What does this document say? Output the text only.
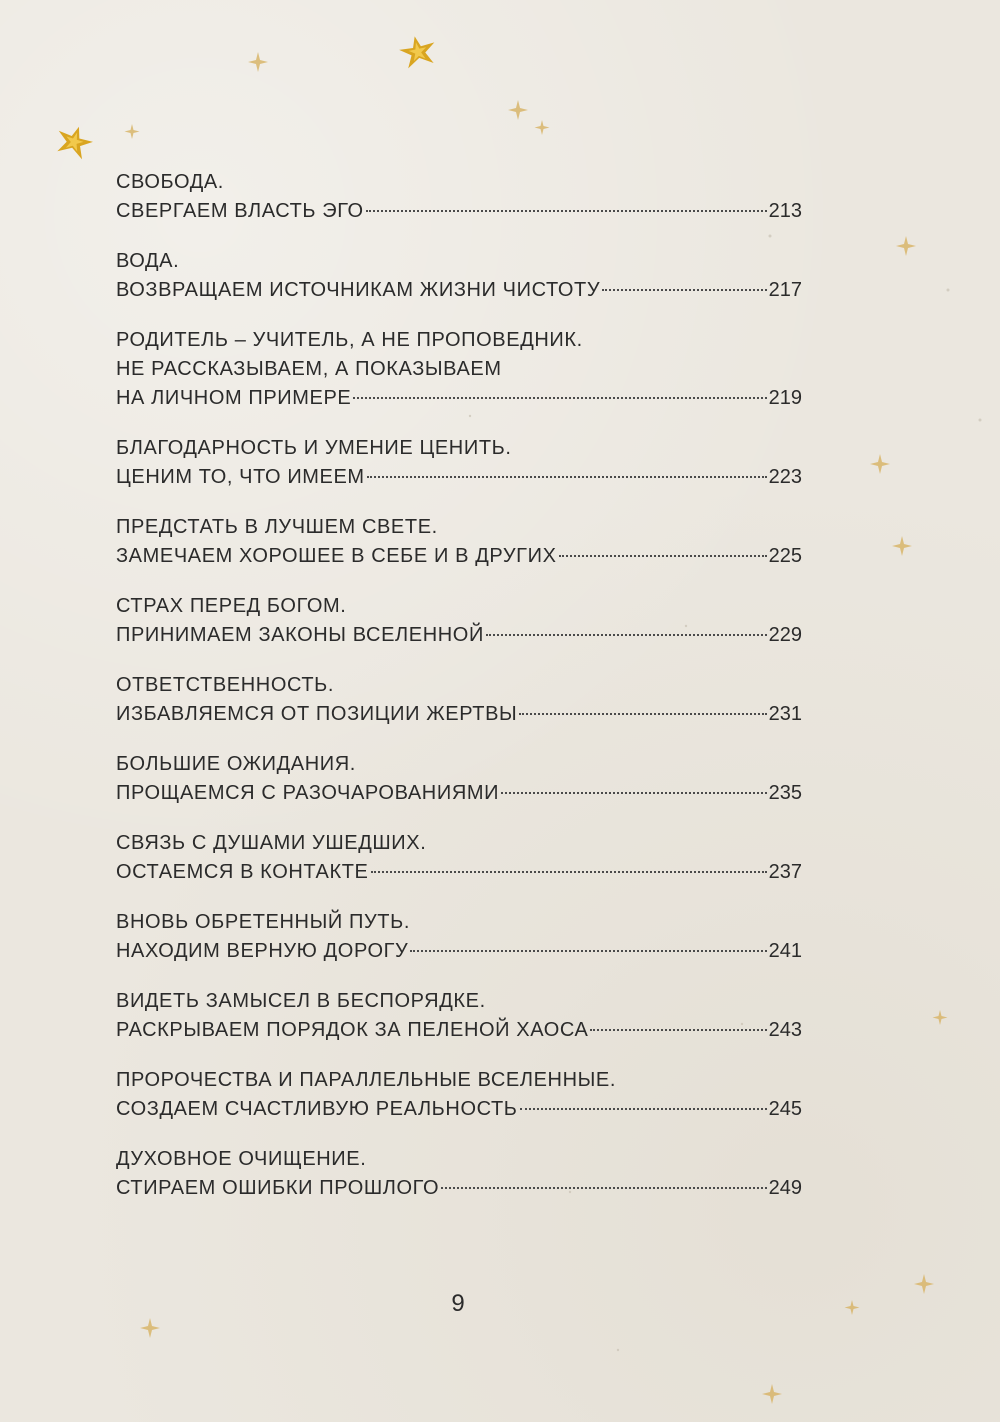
СВОБОДА.
СВЕРГАЕМ ВЛАСТЬ ЭГО	213
ВОДА.
ВОЗВРАЩАЕМ ИСТОЧНИКАМ ЖИЗНИ ЧИСТОТУ	217
РОДИТЕЛЬ – УЧИТЕЛЬ, А НЕ ПРОПОВЕДНИК.
НЕ РАССКАЗЫВАЕМ, А ПОКАЗЫВАЕМ
НА ЛИЧНОМ ПРИМЕРЕ	219
БЛАГОДАРНОСТЬ И УМЕНИЕ ЦЕНИТЬ.
ЦЕНИМ ТО, ЧТО ИМЕЕМ	223
ПРЕДСТАТЬ В ЛУЧШЕМ СВЕТЕ.
ЗАМЕЧАЕМ ХОРОШЕЕ В СЕБЕ И В ДРУГИХ	225
СТРАХ ПЕРЕД БОГОМ.
ПРИНИМАЕМ ЗАКОНЫ ВСЕЛЕННОЙ	229
ОТВЕТСТВЕННОСТЬ.
ИЗБАВЛЯЕМСЯ ОТ ПОЗИЦИИ ЖЕРТВЫ	231
БОЛЬШИЕ ОЖИДАНИЯ.
ПРОЩАЕМСЯ С РАЗОЧАРОВАНИЯМИ	235
СВЯЗЬ С ДУШАМИ УШЕДШИХ.
ОСТАЕМСЯ В КОНТАКТЕ	237
ВНОВЬ ОБРЕТЕННЫЙ ПУТЬ.
НАХОДИМ ВЕРНУЮ ДОРОГУ	241
ВИДЕТЬ ЗАМЫСЕЛ В БЕСПОРЯДКЕ.
РАСКРЫВАЕМ ПОРЯДОК ЗА ПЕЛЕНОЙ ХАОСА	243
ПРОРОЧЕСТВА И ПАРАЛЛЕЛЬНЫЕ ВСЕЛЕННЫЕ.
СОЗДАЕМ СЧАСТЛИВУЮ РЕАЛЬНОСТЬ	245
ДУХОВНОЕ ОЧИЩЕНИЕ.
СТИРАЕМ ОШИБКИ ПРОШЛОГО	249
9
